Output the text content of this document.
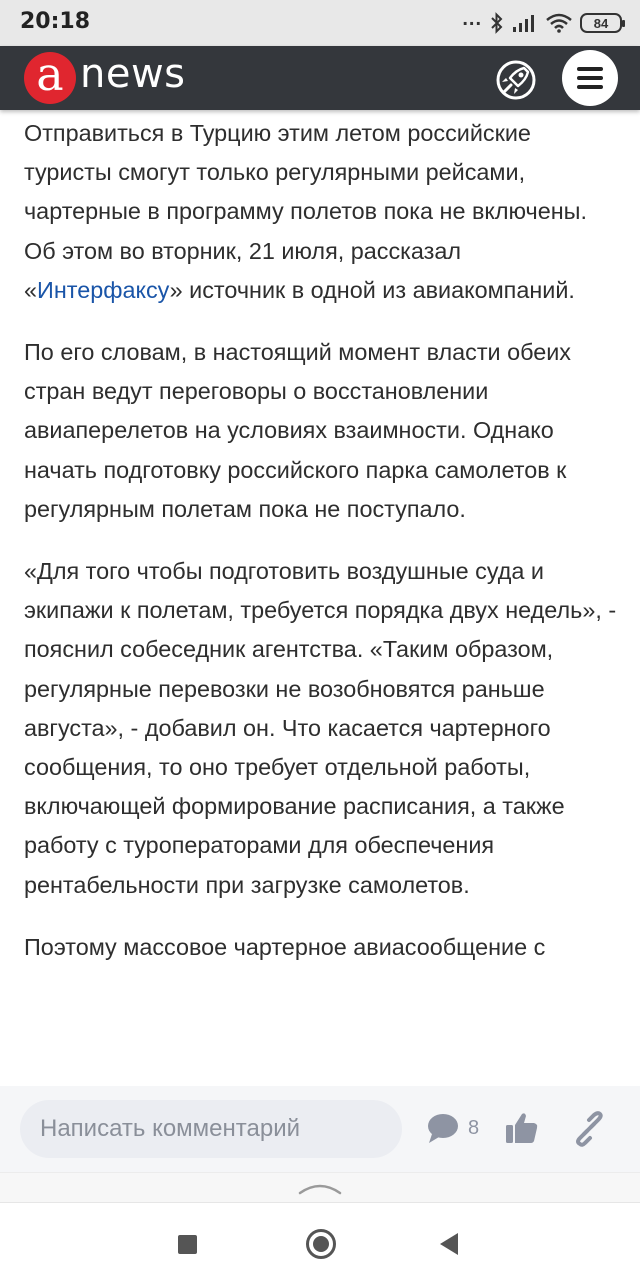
20:18	...	84
a news

Отправиться в Турцию этим летом российские туристы смогут только регулярными рейсами, чартерные в программу полетов пока не включены. Об этом во вторник, 21 июля, рассказал «Интерфаксу» источник в одной из авиакомпаний.

По его словам, в настоящий момент власти обеих стран ведут переговоры о восстановлении авиаперелетов на условиях взаимности. Однако начать подготовку российского парка самолетов к регулярным полетам пока не поступало.

«Для того чтобы подготовить воздушные суда и экипажи к полетам, требуется порядка двух недель», - пояснил собеседник агентства. «Таким образом, регулярные перевозки не возобновятся раньше августа», - добавил он. Что касается чартерного сообщения, то оно требует отдельной работы, включающей формирование расписания, а также работу с туроператорами для обеспечения рентабельности при загрузке самолетов.

Поэтому массовое чартерное авиасообщение с

Написать комментарий	8
